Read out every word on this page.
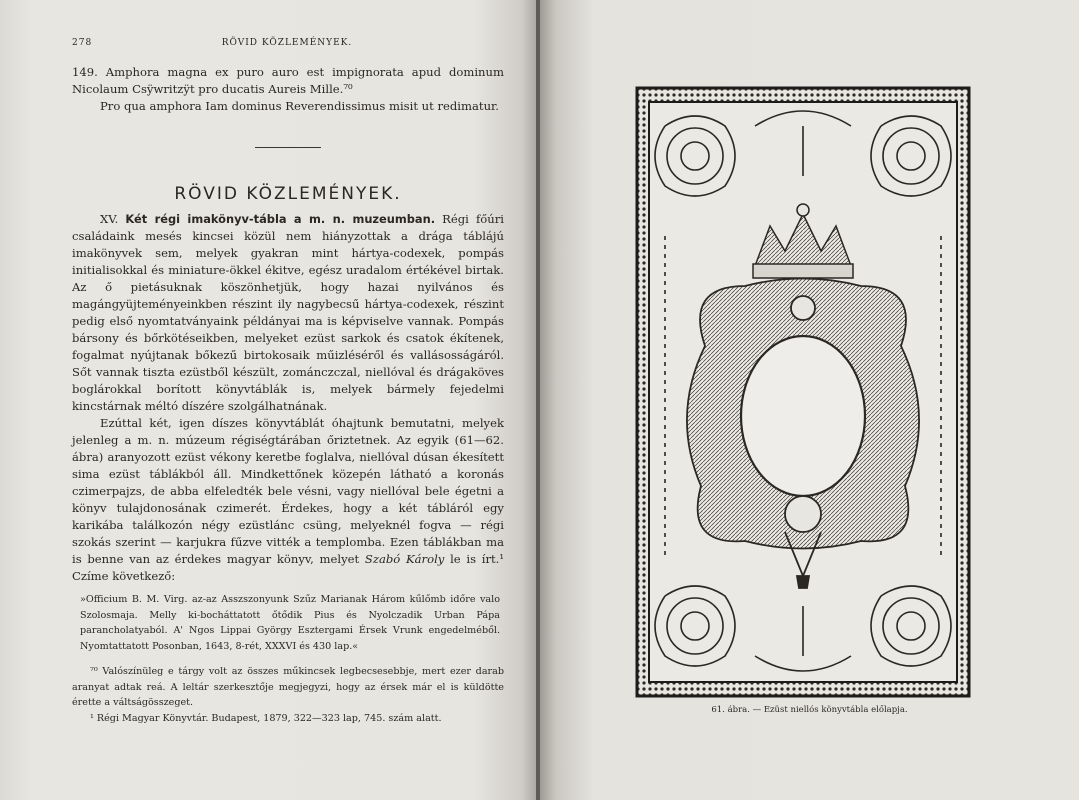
278	RÖVID KÖZLEMÉNYEK.

149. Amphora magna ex puro auro est impignorata apud dominum Nicolaum Csÿwritzÿt pro ducatis Aureis Mille.⁷⁰

Pro qua amphora Iam dominus Reverendissimus misit ut redimatur.

RÖVID KÖZLEMÉNYEK.

XV. Két régi imakönyv-tábla a m. n. muzeumban. Régi főúri családaink mesés kincsei közül nem hiányzottak a drága táblájú imakönyvek sem, melyek gyakran mint hártya-codexek, pompás initialisokkal és miniature-ökkel ékitve, egész uradalom értékével birtak. Az ő pietásuknak köszönhetjük, hogy hazai nyilvános és magángyüjteményeinkben részint ily nagybecsű hártya-codexek, részint pedig első nyomtatványaink példányai ma is képviselve vannak. Pompás bársony és bőrkötéseikben, melyeket ezüst sarkok és csatok ékítenek, fogalmat nyújtanak bőkezű birtokosaik műizléséről és vallásosságáról. Sőt vannak tiszta ezüstből készült, zománczczal, niellóval és drágaköves boglárokkal borított könyvtáblák is, melyek bármely fejedelmi kincstárnak méltó díszére szolgálhatnának.

Ezúttal két, igen díszes könyvtáblát óhajtunk bemutatni, melyek jelenleg a m. n. múzeum régiségtárában őriztetnek. Az egyik (61—62. ábra) aranyozott ezüst vékony keretbe foglalva, niellóval dúsan ékesített sima ezüst táblákból áll. Mindkettőnek közepén látható a koronás czimerpajzs, de abba elfeledték bele vésni, vagy niellóval bele égetni a könyv tulajdonosának czimerét. Érdekes, hogy a két tábláról egy karikába találkozón négy ezüstlánc csüng, melyeknél fogva — régi szokás szerint — karjukra fűzve vitték a templomba. Ezen táblákban ma is benne van az érdekes magyar könyv, melyet Szabó Károly le is írt.¹ Czíme következő:

»Officium B. M. Virg. az-az Asszszonyunk Szűz Marianak Három kűlőmb időre valo Szolosmaja. Melly ki-bocháttatott őtődik Pius és Nyolczadik Urban Pápa parancholatyaból. A' Ngos Lippai György Esztergami Érsek Vrunk engedelméből. Nyomtattatott Posonban, 1643, 8-rét, XXXVI és 430 lap.«

⁷⁰ Valószínüleg e tárgy volt az összes műkincsek legbecsesebbje, mert ezer darab aranyat adtak reá. A leltár szerkesztője megjegyzi, hogy az érsek már el is küldötte érette a váltságösszeget.

¹ Régi Magyar Könyvtár. Budapest, 1879, 322—323 lap, 745. szám alatt.

61. ábra. — Ezüst niellós könyvtábla előlapja.
